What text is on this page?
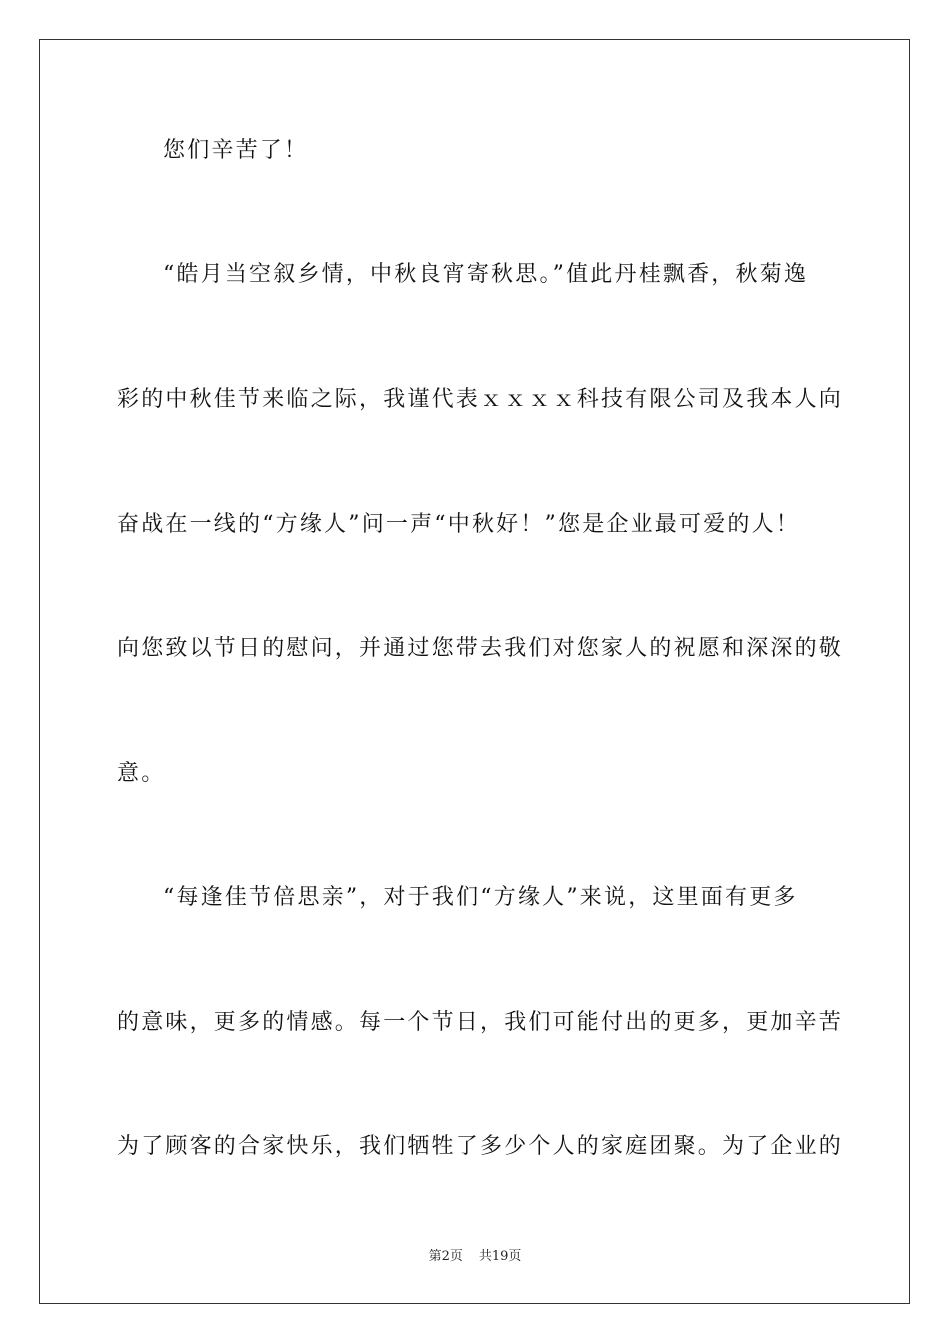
您们辛苦了！
“皓月当空叙乡情，中秋良宵寄秋思。”值此丹桂飘香，秋菊逸
彩的中秋佳节来临之际，我谨代表ｘｘｘｘ科技有限公司及我本人向
奋战在一线的“方缘人”问一声“中秋好！”您是企业最可爱的人！
向您致以节日的慰问，并通过您带去我们对您家人的祝愿和深深的敬
意。
“每逢佳节倍思亲”，对于我们“方缘人”来说，这里面有更多
的意味，更多的情感。每一个节日，我们可能付出的更多，更加辛苦
为了顾客的合家快乐，我们牺牲了多少个人的家庭团聚。为了企业的
第2页 共19页
